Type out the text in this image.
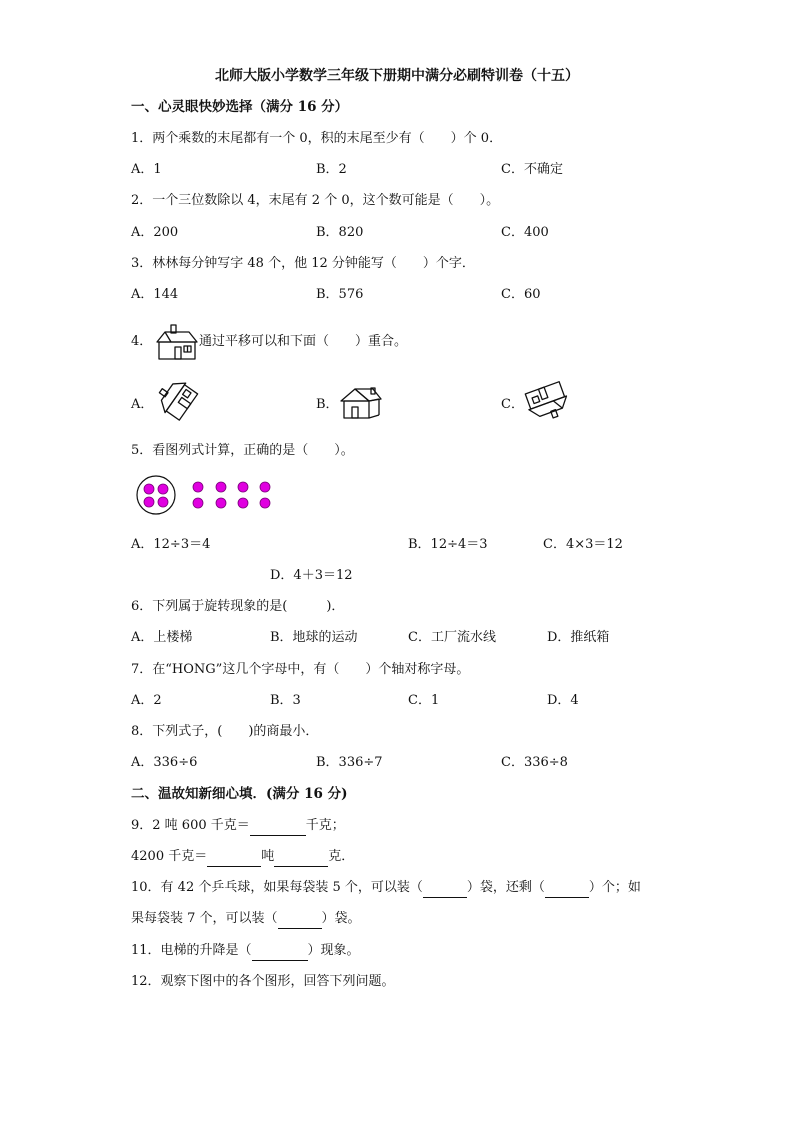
北师大版小学数学三年级下册期中满分必刷特训卷（十五）
一、心灵眼快妙选择（满分 16 分）
1．两个乘数的末尾都有一个 0，积的末尾至少有（　　）个 0．
A．1	B．2	C．不确定
2．一个三位数除以 4，末尾有 2 个 0，这个数可能是（　　）。
A．200	B．820	C．400
3．林林每分钟写字 48 个，他 12 分钟能写（　　）个字．
A．144	B．576	C．60
4．	通过平移可以和下面（　　）重合。
A．	B．	C．
5．看图列式计算，正确的是（　　）。
A．12÷3＝4	B．12÷4＝3	C．4×3＝12
D．4＋3＝12
6．下列属于旋转现象的是(　　　)．
A．上楼梯	B．地球的运动	C．工厂流水线	D．推纸箱
7．在“HONG”这几个字母中，有（　　）个轴对称字母。
A．2	B．3	C．1	D．4
8．下列式子，(　　)的商最小．
A．336÷6	B．336÷7	C．336÷8
二、温故知新细心填．(满分 16 分)
9．2 吨 600 千克＝	千克；
4200 千克＝	吨	克．
10．有 42 个乒乓球，如果每袋装 5 个，可以装（	）袋，还剩（	）个；如
果每袋装 7 个，可以装（	）袋。
11．电梯的升降是（	）现象。
12．观察下图中的各个图形，回答下列问题。
